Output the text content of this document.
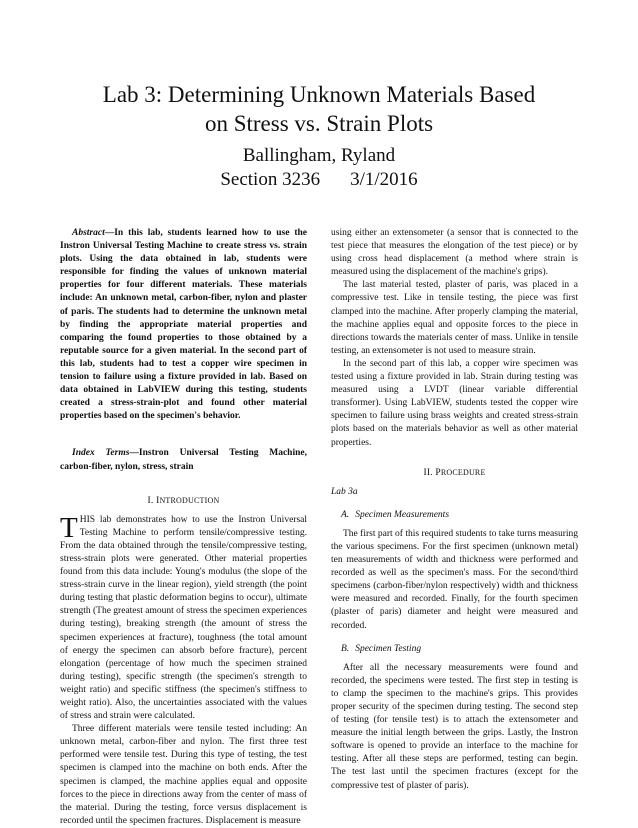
Lab 3: Determining Unknown Materials Based
on Stress vs. Strain Plots
Ballingham, Ryland
Section 3236 3/1/2016

Abstract—In this lab, students learned how to use the Instron Universal Testing Machine to create stress vs. strain plots. Using the data obtained in lab, students were responsible for finding the values of unknown material properties for four different materials. These materials include: An unknown metal, carbon-fiber, nylon and plaster of paris. The students had to determine the unknown metal by finding the appropriate material properties and comparing the found properties to those obtained by a reputable source for a given material. In the second part of this lab, students had to test a copper wire specimen in tension to failure using a fixture provided in lab. Based on data obtained in LabVIEW during this testing, students created a stress-strain-plot and found other material properties based on the specimen's behavior.

Index Terms—Instron Universal Testing Machine, carbon-fiber, nylon, stress, strain

I. INTRODUCTION

THIS lab demonstrates how to use the Instron Universal Testing Machine to perform tensile/compressive testing. From the data obtained through the tensile/compressive testing, stress-strain plots were generated. Other material properties found from this data include: Young's modulus (the slope of the stress-strain curve in the linear region), yield strength (the point during testing that plastic deformation begins to occur), ultimate strength (The greatest amount of stress the specimen experiences during testing), breaking strength (the amount of stress the specimen experiences at fracture), toughness (the total amount of energy the specimen can absorb before fracture), percent elongation (percentage of how much the specimen strained during testing), specific strength (the specimen's strength to weight ratio) and specific stiffness (the specimen's stiffness to weight ratio). Also, the uncertainties associated with the values of stress and strain were calculated.

Three different materials were tensile tested including: An unknown metal, carbon-fiber and nylon. The first three test performed were tensile test. During this type of testing, the test specimen is clamped into the machine on both ends. After the specimen is clamped, the machine applies equal and opposite forces to the piece in directions away from the center of mass of the material. During the testing, force versus displacement is recorded until the specimen fractures. Displacement is measure

using either an extensometer (a sensor that is connected to the test piece that measures the elongation of the test piece) or by using cross head displacement (a method where strain is measured using the displacement of the machine's grips).

The last material tested, plaster of paris, was placed in a compressive test. Like in tensile testing, the piece was first clamped into the machine. After properly clamping the material, the machine applies equal and opposite forces to the piece in directions towards the materials center of mass. Unlike in tensile testing, an extensometer is not used to measure strain.

In the second part of this lab, a copper wire specimen was tested using a fixture provided in lab. Strain during testing was measured using a LVDT (linear variable differential transformer). Using LabVIEW, students tested the copper wire specimen to failure using brass weights and created stress-strain plots based on the materials behavior as well as other material properties.

II. PROCEDURE
Lab 3a
A. Specimen Measurements

The first part of this required students to take turns measuring the various specimens. For the first specimen (unknown metal) ten measurements of width and thickness were performed and recorded as well as the specimen's mass. For the second/third specimens (carbon-fiber/nylon respectively) width and thickness were measured and recorded. Finally, for the fourth specimen (plaster of paris) diameter and height were measured and recorded.

B. Specimen Testing

After all the necessary measurements were found and recorded, the specimens were tested. The first step in testing is to clamp the specimen to the machine's grips. This provides proper security of the specimen during testing. The second step of testing (for tensile test) is to attach the extensometer and measure the initial length between the grips. Lastly, the Instron software is opened to provide an interface to the machine for testing. After all these steps are performed, testing can begin. The test last until the specimen fractures (except for the compressive test of plaster of paris).
